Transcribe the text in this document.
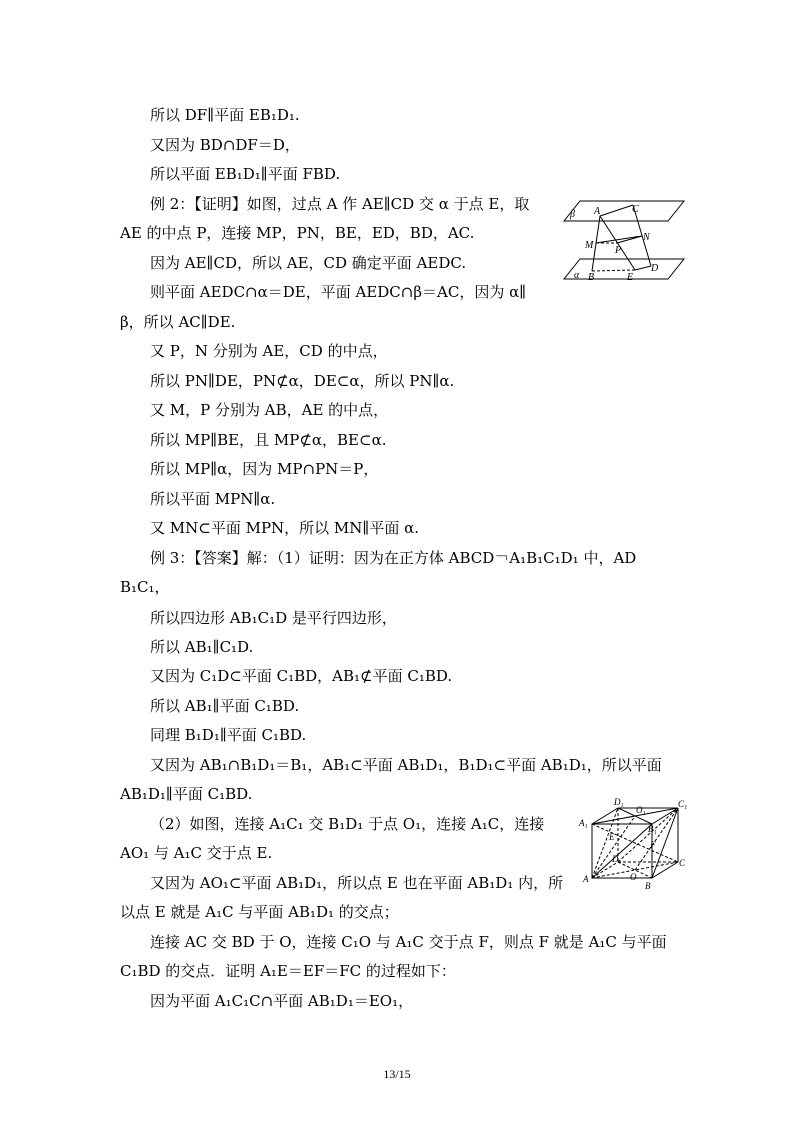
所以 DF∥平面 EB₁D₁.
又因为 BD∩DF＝D，
所以平面 EB₁D₁∥平面 FBD.
例 2：【证明】如图，过点 A 作 AE∥CD 交 α 于点 E，取
AE 的中点 P，连接 MP，PN，BE，ED，BD，AC.
因为 AE∥CD，所以 AE，CD 确定平面 AEDC.
则平面 AEDC∩α＝DE，平面 AEDC∩β＝AC，因为 α∥
β，所以 AC∥DE.
又 P，N 分别为 AE，CD 的中点，
所以 PN∥DE，PN⊄α，DE⊂α，所以 PN∥α.
又 M，P 分别为 AB，AE 的中点，
所以 MP∥BE，且 MP⊄α，BE⊂α.
所以 MP∥α，因为 MP∩PN＝P，
所以平面 MPN∥α.
又 MN⊂平面 MPN，所以 MN∥平面 α.
例 3：【答案】解：（1）证明：因为在正方体 ABCD￢A₁B₁C₁D₁ 中，AD
B₁C₁，
所以四边形 AB₁C₁D 是平行四边形，
所以 AB₁∥C₁D.
又因为 C₁D⊂平面 C₁BD，AB₁⊄平面 C₁BD.
所以 AB₁∥平面 C₁BD.
同理 B₁D₁∥平面 C₁BD.
又因为 AB₁∩B₁D₁＝B₁，AB₁⊂平面 AB₁D₁，B₁D₁⊂平面 AB₁D₁，所以平面
AB₁D₁∥平面 C₁BD.
（2）如图，连接 A₁C₁ 交 B₁D₁ 于点 O₁，连接 A₁C，连接
AO₁ 与 A₁C 交于点 E.
又因为 AO₁⊂平面 AB₁D₁，所以点 E 也在平面 AB₁D₁ 内，所
以点 E 就是 A₁C 与平面 AB₁D₁ 的交点；
连接 AC 交 BD 于 O，连接 C₁O 与 A₁C 交于点 F，则点 F 就是 A₁C 与平面
C₁BD 的交点．证明 A₁E＝EF＝FC 的过程如下：
因为平面 A₁C₁C∩平面 AB₁D₁＝EO₁，
β A	C
M
N
P
α B	E
D
D₁
O₁
C₁
A₁
B₁
E
F
D	C
A	O
B
13/15
